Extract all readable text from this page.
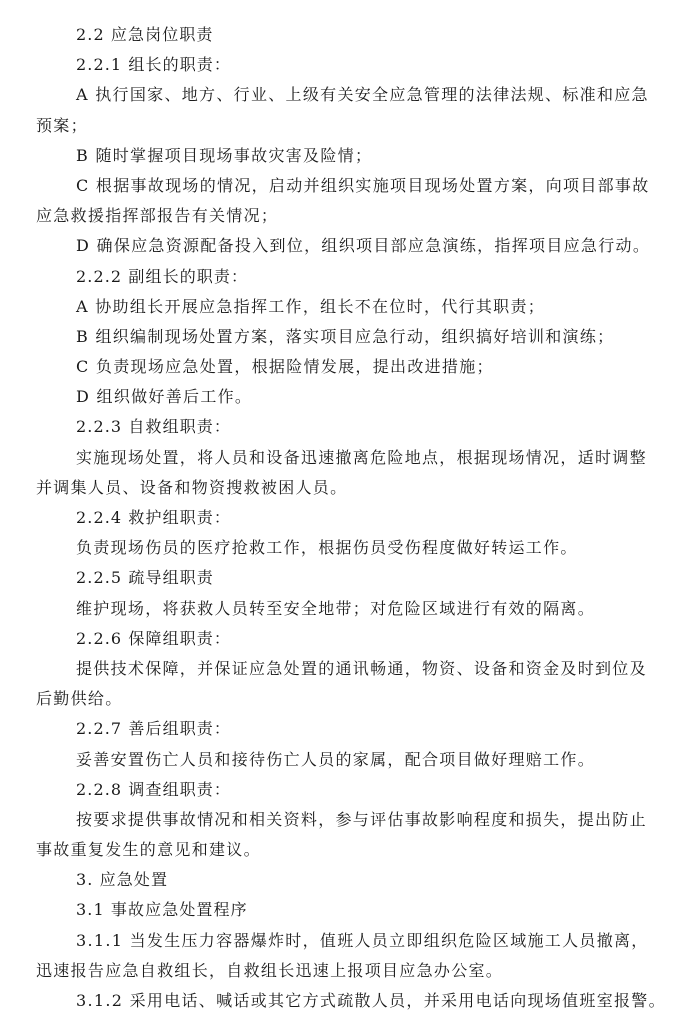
2.2 应急岗位职责
2.2.1 组长的职责：
A 执行国家、地方、行业、上级有关安全应急管理的法律法规、标准和应急
预案；
B 随时掌握项目现场事故灾害及险情；
C 根据事故现场的情况，启动并组织实施项目现场处置方案，向项目部事故
应急救援指挥部报告有关情况；
D 确保应急资源配备投入到位，组织项目部应急演练，指挥项目应急行动。
2.2.2 副组长的职责：
A 协助组长开展应急指挥工作，组长不在位时，代行其职责；
B 组织编制现场处置方案，落实项目应急行动，组织搞好培训和演练；
C 负责现场应急处置，根据险情发展，提出改进措施；
D 组织做好善后工作。
2.2.3 自救组职责：
实施现场处置，将人员和设备迅速撤离危险地点，根据现场情况，适时调整
并调集人员、设备和物资搜救被困人员。
2.2.4 救护组职责：
负责现场伤员的医疗抢救工作，根据伤员受伤程度做好转运工作。
2.2.5 疏导组职责
维护现场，将获救人员转至安全地带；对危险区域进行有效的隔离。
2.2.6 保障组职责：
提供技术保障，并保证应急处置的通讯畅通，物资、设备和资金及时到位及
后勤供给。
2.2.7 善后组职责：
妥善安置伤亡人员和接待伤亡人员的家属，配合项目做好理赔工作。
2.2.8 调查组职责：
按要求提供事故情况和相关资料，参与评估事故影响程度和损失，提出防止
事故重复发生的意见和建议。
3. 应急处置
3.1 事故应急处置程序
3.1.1 当发生压力容器爆炸时，值班人员立即组织危险区域施工人员撤离，
迅速报告应急自救组长，自救组长迅速上报项目应急办公室。
3.1.2 采用电话、喊话或其它方式疏散人员，并采用电话向现场值班室报警。
